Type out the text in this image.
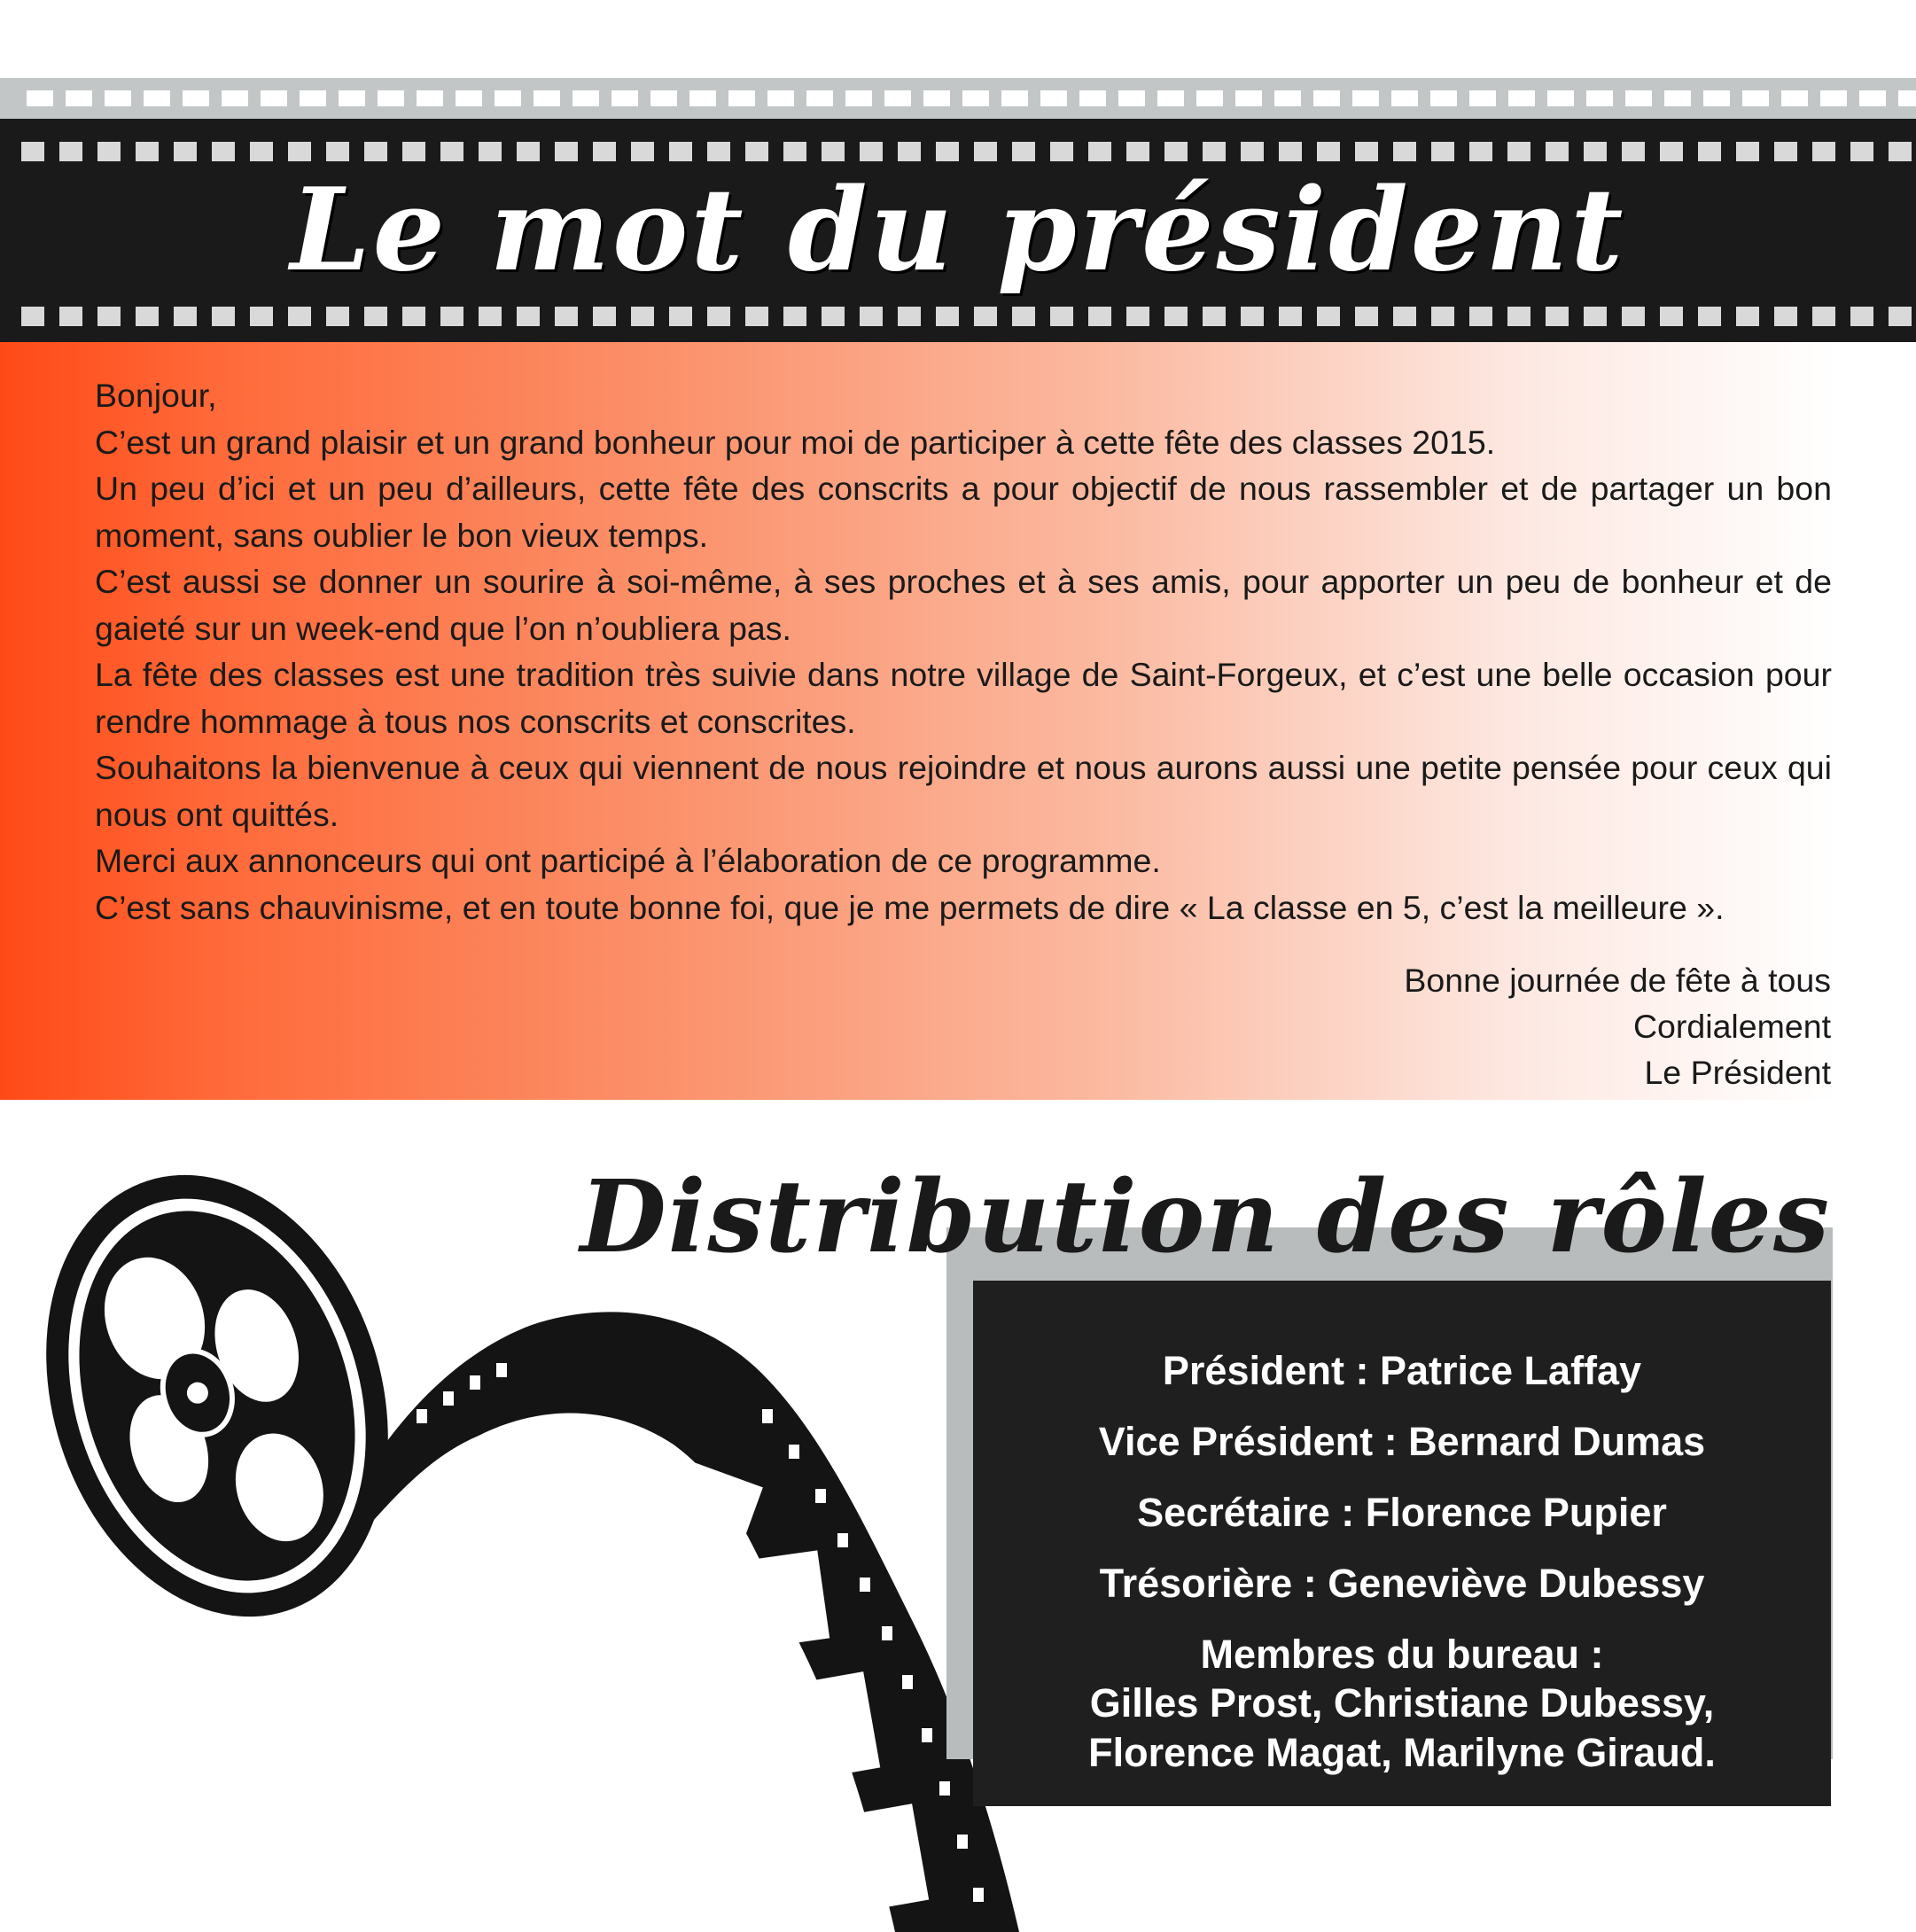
Le mot du président

Bonjour,

C’est un grand plaisir et un grand bonheur pour moi de participer à cette fête des classes 2015.

Un peu d’ici et un peu d’ailleurs, cette fête des conscrits a pour objectif de nous rassembler et de partager un bon moment, sans oublier le bon vieux temps.

C’est aussi se donner un sourire à soi-même, à ses proches et à ses amis, pour apporter un peu de bonheur et de gaieté sur un week-end que l’on n’oubliera pas.

La fête des classes est une tradition très suivie dans notre village de Saint-Forgeux, et c’est une belle occasion pour rendre hommage à tous nos conscrits et conscrites.

Souhaitons la bienvenue à ceux qui viennent de nous rejoindre et nous aurons aussi une petite pensée pour ceux qui nous ont quittés.

Merci aux annonceurs qui ont participé à l’élaboration de ce programme.

C’est sans chauvinisme, et en toute bonne foi, que je me permets de dire « La classe en 5, c’est la meilleure ».

Bonne journée de fête à tous

Cordialement

Le Président

Distribution des rôles

Président : Patrice Laffay

Vice Président : Bernard Dumas

Secrétaire : Florence Pupier

Trésorière : Geneviève Dubessy

Membres du bureau :

Gilles Prost, Christiane Dubessy,

Florence Magat, Marilyne Giraud.
